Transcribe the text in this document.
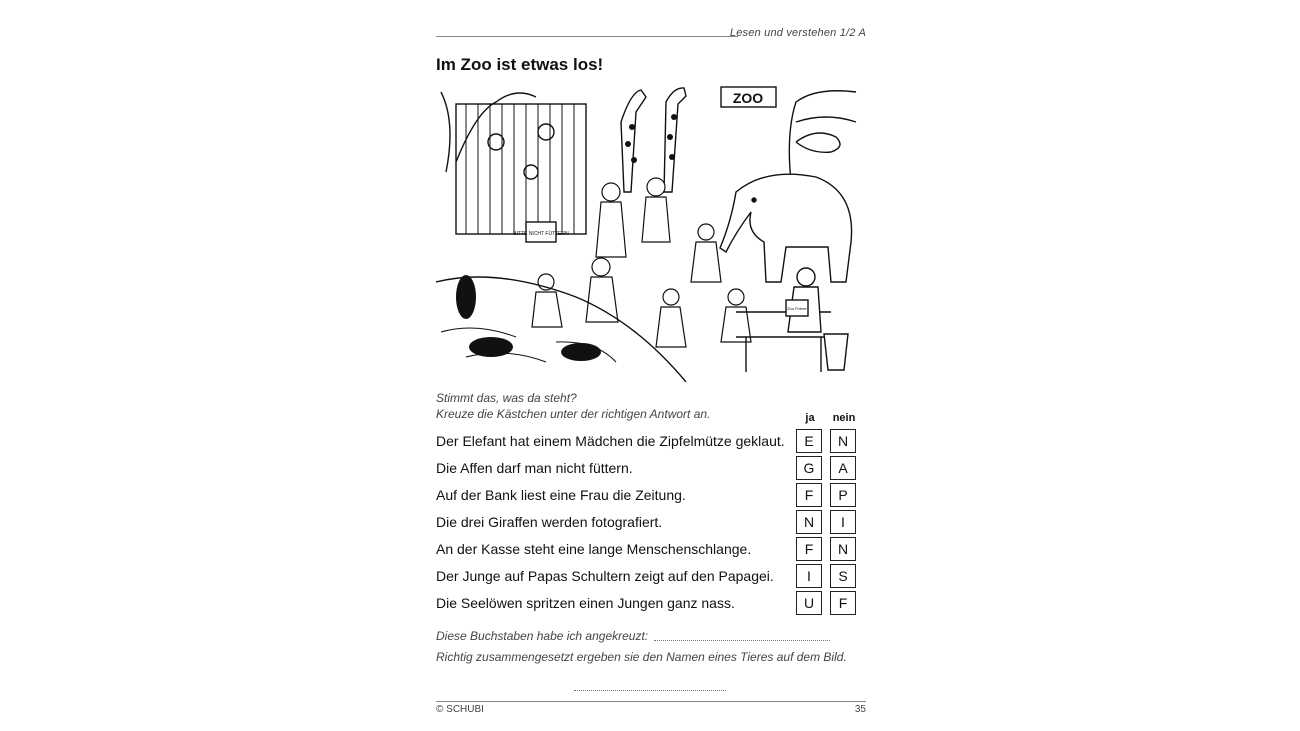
Lesen und verstehen 1/2 A
Im Zoo ist etwas los!
BITTE NICHT FÜTTERN
ZOO
Zoo Führer
Stimmt das, was da steht?
Kreuze die Kästchen unter der richtigen Antwort an.	ja	nein
Der Elefant hat einem Mädchen die Zipfelmütze geklaut.	E	N
Die Affen darf man nicht füttern.	G	A
Auf der Bank liest eine Frau die Zeitung.	F	P
Die drei Giraffen werden fotografiert.	N	I
An der Kasse steht eine lange Menschenschlange.	F	N
Der Junge auf Papas Schultern zeigt auf den Papagei.	I	S
Die Seelöwen spritzen einen Jungen ganz nass.	U	F
Diese Buchstaben habe ich angekreuzt:
Richtig zusammengesetzt ergeben sie den Namen eines Tieres auf dem Bild.
© SCHUBI	35
